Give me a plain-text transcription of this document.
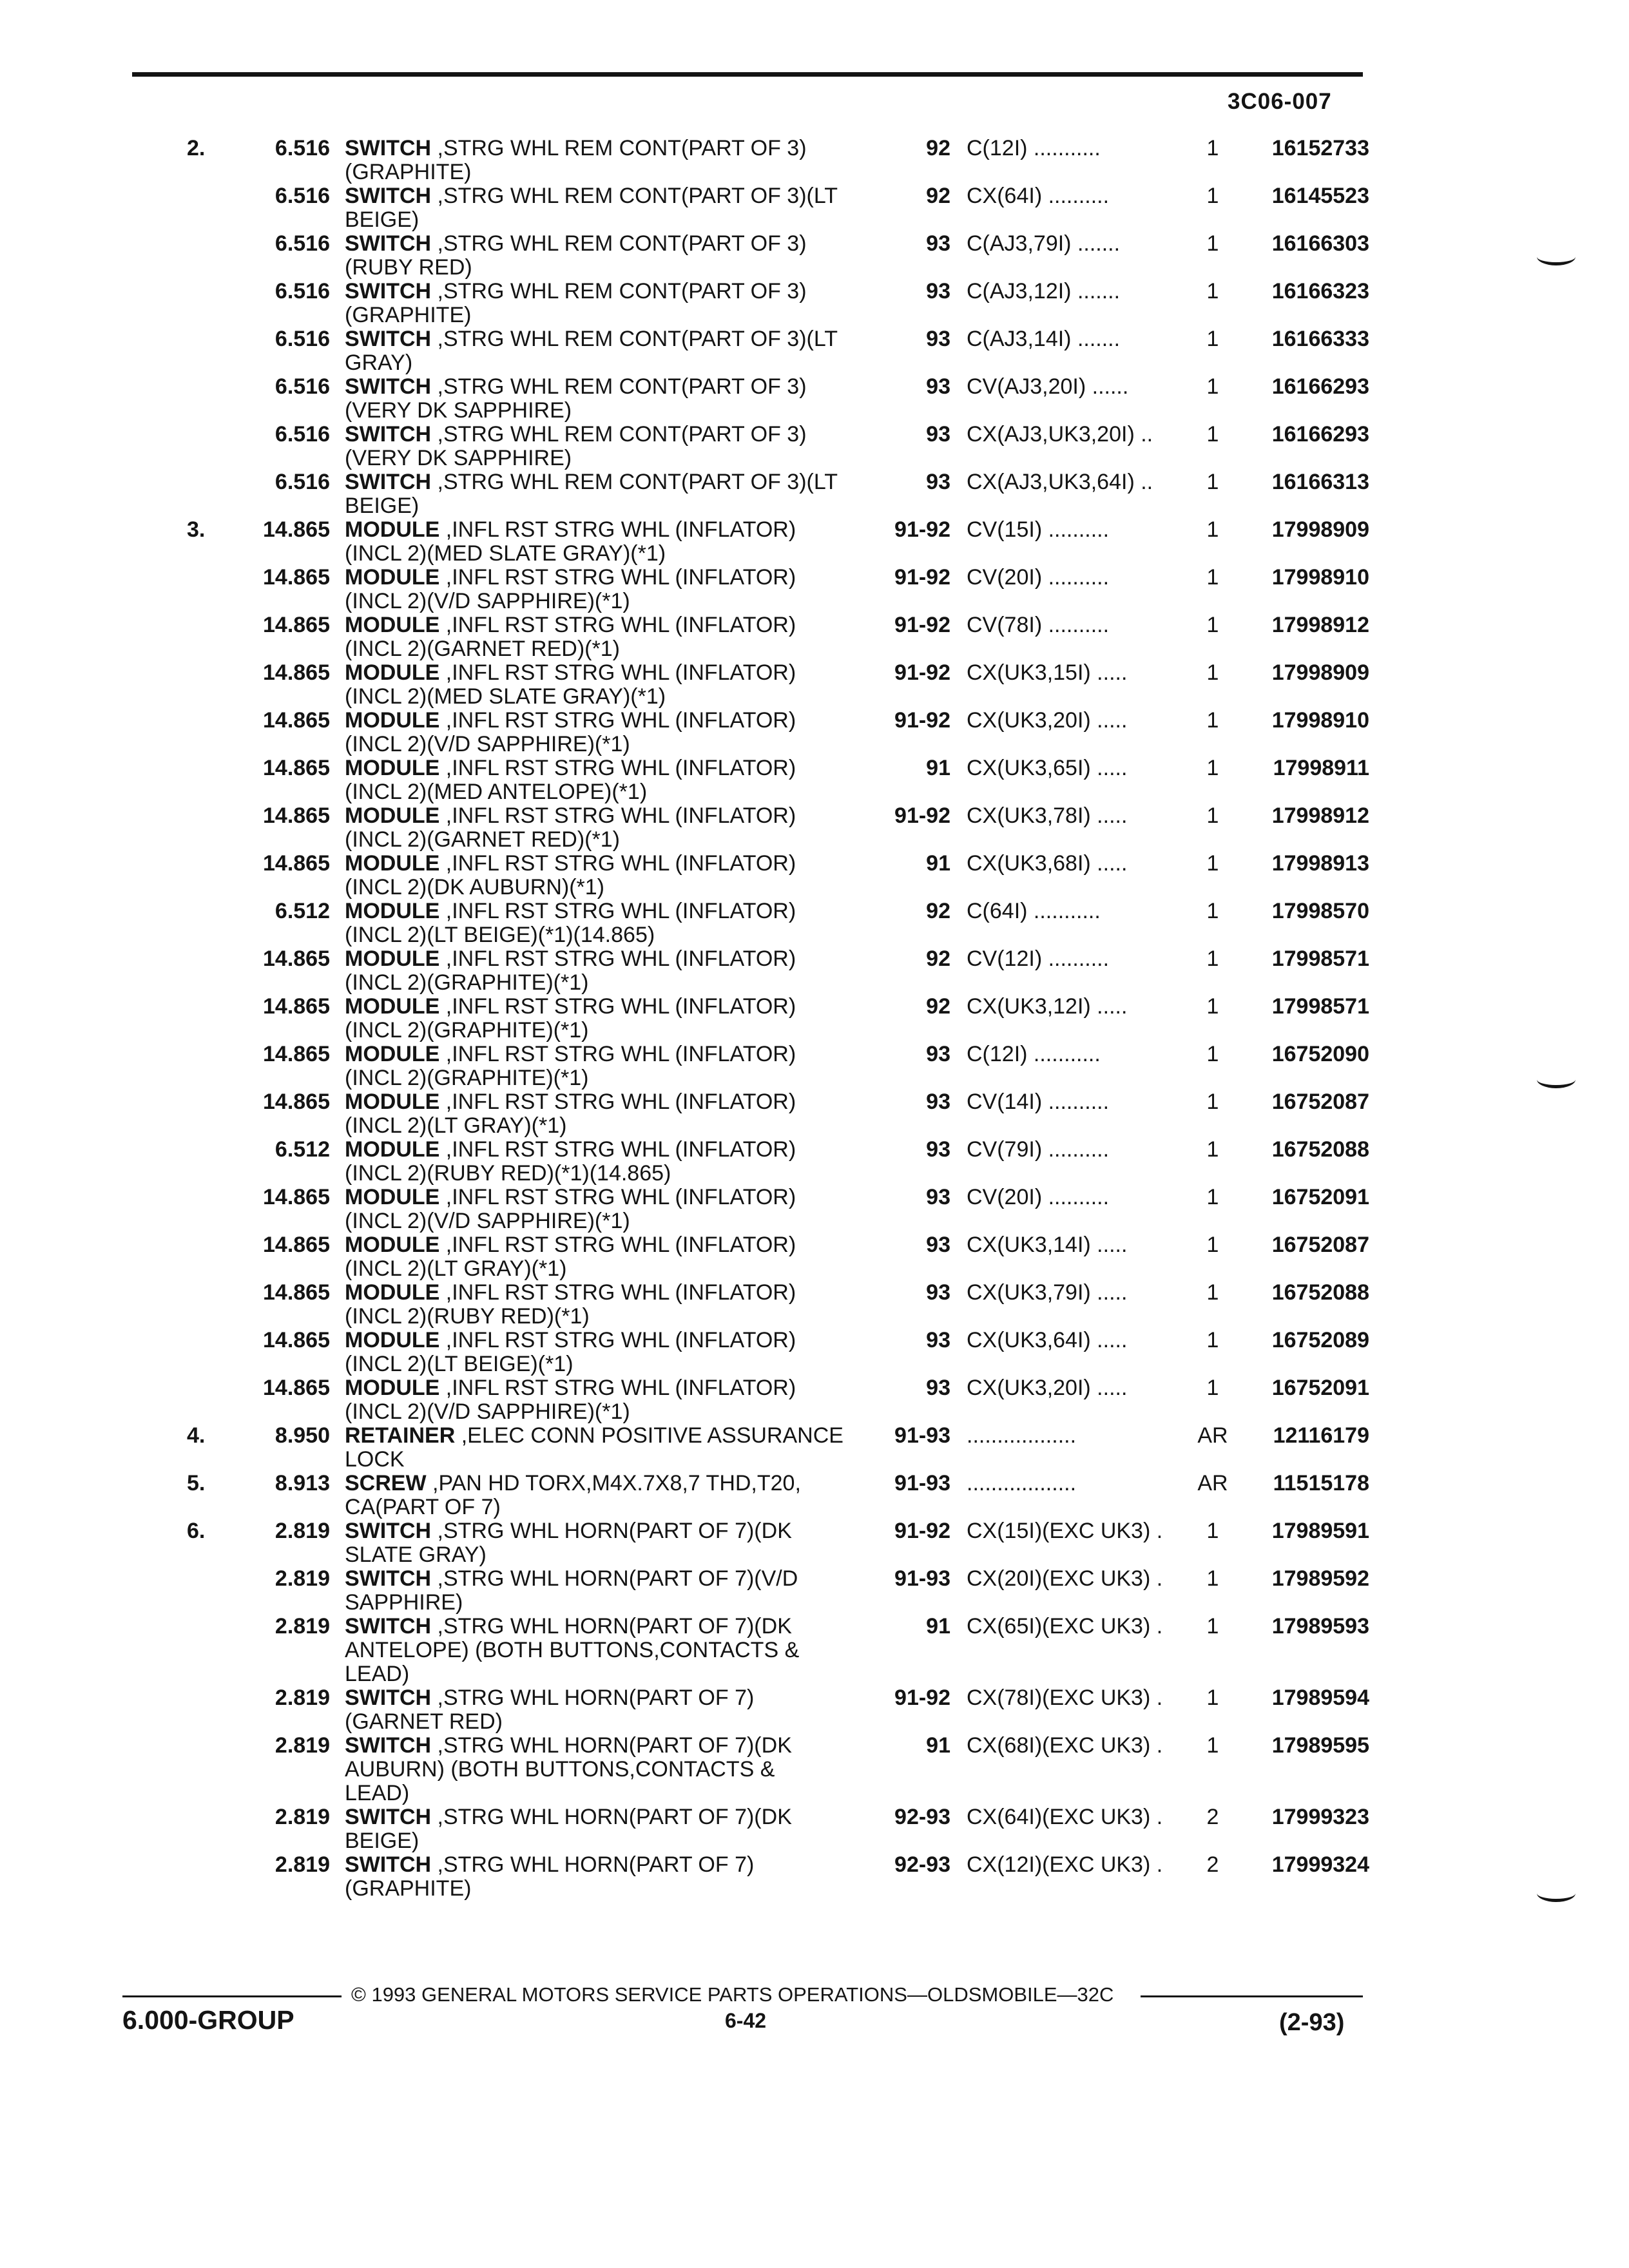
3C06-007
2.	6.516 SWITCH ,STRG WHL REM CONT(PART OF 3)
(GRAPHITE)
92 C(12I) ...........	1	16152733
6.516 SWITCH ,STRG WHL REM CONT(PART OF 3)(LT
BEIGE)
92 CX(64I) ..........	1	16145523
6.516 SWITCH ,STRG WHL REM CONT(PART OF 3)
(RUBY RED)
93 C(AJ3,79I) .......	1	16166303
6.516 SWITCH ,STRG WHL REM CONT(PART OF 3)
(GRAPHITE)
93 C(AJ3,12I) .......	1	16166323
6.516 SWITCH ,STRG WHL REM CONT(PART OF 3)(LT
GRAY)
93 C(AJ3,14I) .......	1	16166333
6.516 SWITCH ,STRG WHL REM CONT(PART OF 3)
(VERY DK SAPPHIRE)
93 CV(AJ3,20I) ......	1	16166293
6.516 SWITCH ,STRG WHL REM CONT(PART OF 3)
(VERY DK SAPPHIRE)
93 CX(AJ3,UK3,20I) ..	1	16166293
6.516 SWITCH ,STRG WHL REM CONT(PART OF 3)(LT
BEIGE)
93 CX(AJ3,UK3,64I) ..	1	16166313
3.	14.865 MODULE ,INFL RST STRG WHL (INFLATOR)
(INCL 2)(MED SLATE GRAY)(*1)
91-92 CV(15I) ..........	1	17998909
14.865 MODULE ,INFL RST STRG WHL (INFLATOR)
(INCL 2)(V/D SAPPHIRE)(*1)
91-92 CV(20I) ..........	1	17998910
14.865 MODULE ,INFL RST STRG WHL (INFLATOR)
(INCL 2)(GARNET RED)(*1)
91-92 CV(78I) ..........	1	17998912
14.865 MODULE ,INFL RST STRG WHL (INFLATOR)
(INCL 2)(MED SLATE GRAY)(*1)
91-92 CX(UK3,15I) .....	1	17998909
14.865 MODULE ,INFL RST STRG WHL (INFLATOR)
(INCL 2)(V/D SAPPHIRE)(*1)
91-92 CX(UK3,20I) .....	1	17998910
14.865 MODULE ,INFL RST STRG WHL (INFLATOR)
(INCL 2)(MED ANTELOPE)(*1)
91 CX(UK3,65I) .....	1	17998911
14.865 MODULE ,INFL RST STRG WHL (INFLATOR)
(INCL 2)(GARNET RED)(*1)
91-92 CX(UK3,78I) .....	1	17998912
14.865 MODULE ,INFL RST STRG WHL (INFLATOR)
(INCL 2)(DK AUBURN)(*1)
91 CX(UK3,68I) .....	1	17998913
6.512 MODULE ,INFL RST STRG WHL (INFLATOR)
(INCL 2)(LT BEIGE)(*1)(14.865)
92 C(64I) ...........	1	17998570
14.865 MODULE ,INFL RST STRG WHL (INFLATOR)
(INCL 2)(GRAPHITE)(*1)
92 CV(12I) ..........	1	17998571
14.865 MODULE ,INFL RST STRG WHL (INFLATOR)
(INCL 2)(GRAPHITE)(*1)
92 CX(UK3,12I) .....	1	17998571
14.865 MODULE ,INFL RST STRG WHL (INFLATOR)
(INCL 2)(GRAPHITE)(*1)
93 C(12I) ...........	1	16752090
14.865 MODULE ,INFL RST STRG WHL (INFLATOR)
(INCL 2)(LT GRAY)(*1)
93 CV(14I) ..........	1	16752087
6.512 MODULE ,INFL RST STRG WHL (INFLATOR)
(INCL 2)(RUBY RED)(*1)(14.865)
93 CV(79I) ..........	1	16752088
14.865 MODULE ,INFL RST STRG WHL (INFLATOR)
(INCL 2)(V/D SAPPHIRE)(*1)
93 CV(20I) ..........	1	16752091
14.865 MODULE ,INFL RST STRG WHL (INFLATOR)
(INCL 2)(LT GRAY)(*1)
93 CX(UK3,14I) .....	1	16752087
14.865 MODULE ,INFL RST STRG WHL (INFLATOR)
(INCL 2)(RUBY RED)(*1)
93 CX(UK3,79I) .....	1	16752088
14.865 MODULE ,INFL RST STRG WHL (INFLATOR)
(INCL 2)(LT BEIGE)(*1)
93 CX(UK3,64I) .....	1	16752089
14.865 MODULE ,INFL RST STRG WHL (INFLATOR)
(INCL 2)(V/D SAPPHIRE)(*1)
93 CX(UK3,20I) .....	1	16752091
4.	8.950 RETAINER ,ELEC CONN POSITIVE ASSURANCE
LOCK
91-93 ..................	AR	12116179
5.	8.913 SCREW ,PAN HD TORX,M4X.7X8,7 THD,T20,
CA(PART OF 7)
91-93 ..................	AR	11515178
6.	2.819 SWITCH ,STRG WHL HORN(PART OF 7)(DK
SLATE GRAY)
91-92 CX(15I)(EXC UK3) .	1	17989591
2.819 SWITCH ,STRG WHL HORN(PART OF 7)(V/D
SAPPHIRE)
91-93 CX(20I)(EXC UK3) .	1	17989592
2.819 SWITCH ,STRG WHL HORN(PART OF 7)(DK
ANTELOPE) (BOTH BUTTONS,CONTACTS &
LEAD)
91 CX(65I)(EXC UK3) .	1	17989593
2.819 SWITCH ,STRG WHL HORN(PART OF 7)
(GARNET RED)
91-92 CX(78I)(EXC UK3) .	1	17989594
2.819 SWITCH ,STRG WHL HORN(PART OF 7)(DK
AUBURN) (BOTH BUTTONS,CONTACTS &
LEAD)
91 CX(68I)(EXC UK3) .	1	17989595
2.819 SWITCH ,STRG WHL HORN(PART OF 7)(DK
BEIGE)
92-93 CX(64I)(EXC UK3) .	2	17999323
2.819 SWITCH ,STRG WHL HORN(PART OF 7)
(GRAPHITE)
92-93 CX(12I)(EXC UK3) .	2	17999324
© 1993 GENERAL MOTORS SERVICE PARTS OPERATIONS—OLDSMOBILE—32C
6.000-GROUP	6-42	(2-93)
